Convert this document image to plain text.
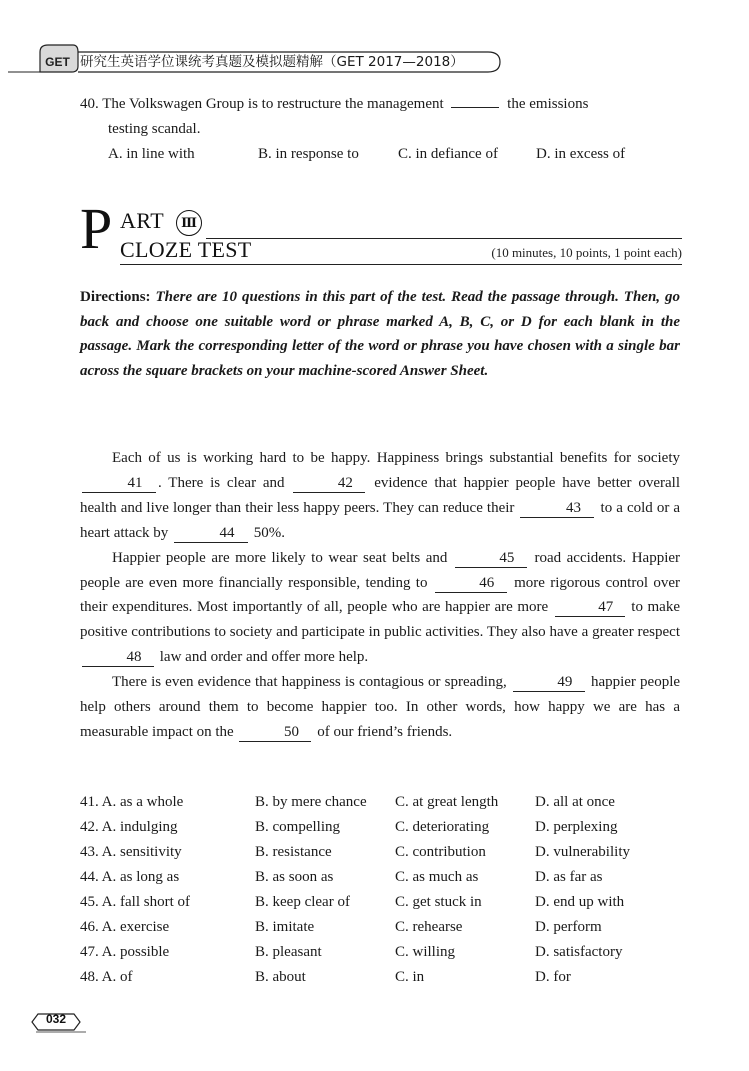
GET 研究生英语学位课统考真题及模拟题精解（GET 2017—2018）
40. The Volkswagen Group is to restructure the management	the emissions
testing scandal.
A. in line with	B. in response to	C. in defiance of	D. in excess of
P ART	Ⅲ
CLOZE TEST	(10 minutes, 10 points, 1 point each)
Directions: There are 10 questions in this part of the test. Read the passage through. Then, go back and choose one suitable word or phrase marked A, B, C, or D for each blank in the passage. Mark the corresponding letter of the word or phrase you have chosen with a single bar across the square brackets on your machine-scored Answer Sheet.

Each of us is working hard to be happy. Happiness brings substantial benefits for society 41 . There is clear and	42 evidence that happier people have better overall health and live longer than their less happy peers. They can reduce their	43 to a cold or a heart attack by	44 50%.

Happier people are more likely to wear seat belts and	45 road accidents. Happier people are even more financially responsible, tending to	46 more rigorous control over their expenditures. Most importantly of all, people who are happier are more	47 to make positive contributions to society and participate in public activities. They also have a greater respect 48 law and order and offer more help.

There is even evidence that happiness is contagious or spreading,	49 happier people help others around them to become happier too. In other words, how happy we are has a measurable impact on the	50 of our friend’s friends.

41. A. as a whole	B. by mere chance C. at great length D. all at once
42. A. indulging	B. compelling	C. deteriorating	D. perplexing
43. A. sensitivity	B. resistance	C. contribution	D. vulnerability
44. A. as long as	B. as soon as	C. as much as	D. as far as
45. A. fall short of	B. keep clear of	C. get stuck in	D. end up with
46. A. exercise	B. imitate	C. rehearse	D. perform
47. A. possible	B. pleasant	C. willing	D. satisfactory
48. A. of	B. about	C. in	D. for
032
